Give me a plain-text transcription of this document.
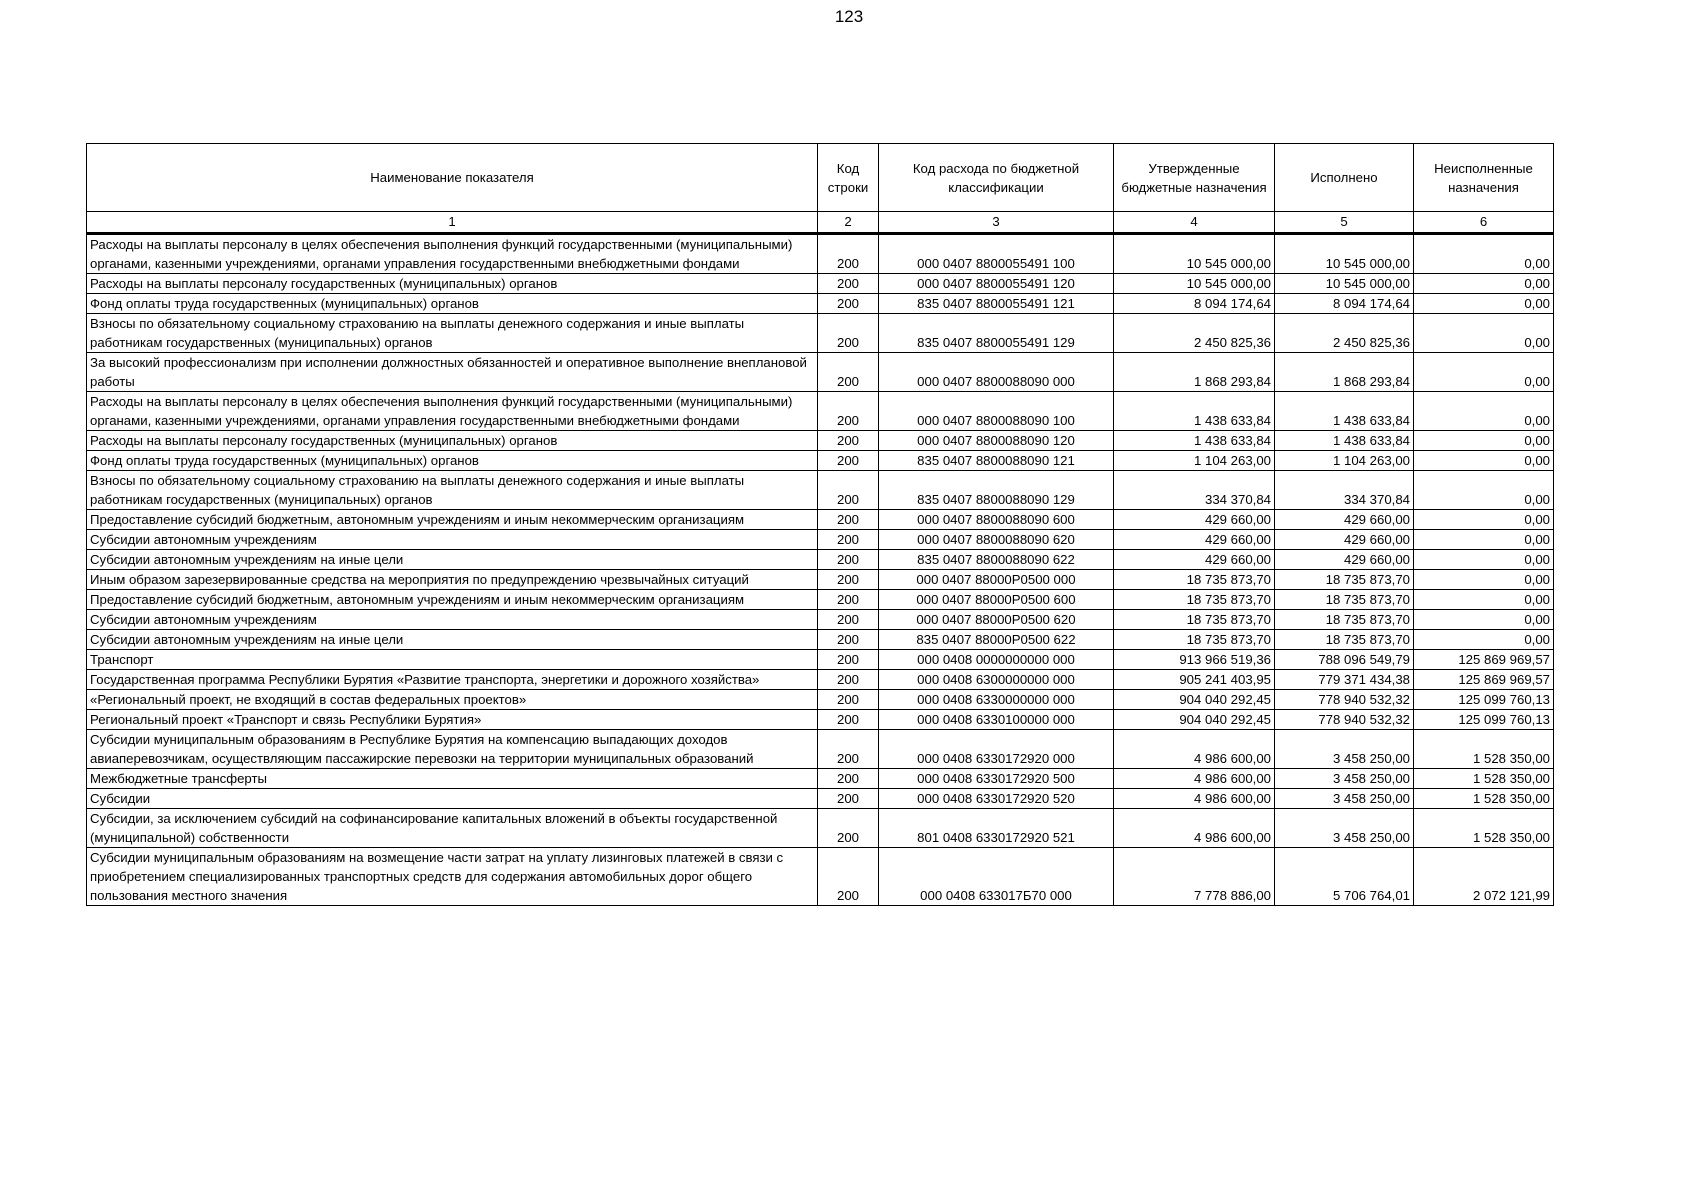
123
Наименование показателя	Код строки	Код расхода по бюджетной классификации	Утвержденные бюджетные назначения	Исполнено	Неисполненные назначения
1	2	3	4	5	6
Расходы на выплаты персоналу в целях обеспечения выполнения функций государственными (муниципальными) органами, казенными учреждениями, органами управления государственными внебюджетными фондами	200	000 0407 8800055491 100	10 545 000,00	10 545 000,00	0,00
Расходы на выплаты персоналу государственных (муниципальных) органов	200	000 0407 8800055491 120	10 545 000,00	10 545 000,00	0,00
Фонд оплаты труда государственных (муниципальных) органов	200	835 0407 8800055491 121	8 094 174,64	8 094 174,64	0,00
Взносы по обязательному социальному страхованию на выплаты денежного содержания и иные выплаты работникам государственных (муниципальных) органов	200	835 0407 8800055491 129	2 450 825,36	2 450 825,36	0,00
За высокий профессионализм при исполнении должностных обязанностей и оперативное выполнение внеплановой работы	200	000 0407 8800088090 000	1 868 293,84	1 868 293,84	0,00
Расходы на выплаты персоналу в целях обеспечения выполнения функций государственными (муниципальными) органами, казенными учреждениями, органами управления государственными внебюджетными фондами	200	000 0407 8800088090 100	1 438 633,84	1 438 633,84	0,00
Расходы на выплаты персоналу государственных (муниципальных) органов	200	000 0407 8800088090 120	1 438 633,84	1 438 633,84	0,00
Фонд оплаты труда государственных (муниципальных) органов	200	835 0407 8800088090 121	1 104 263,00	1 104 263,00	0,00
Взносы по обязательному социальному страхованию на выплаты денежного содержания и иные выплаты работникам государственных (муниципальных) органов	200	835 0407 8800088090 129	334 370,84	334 370,84	0,00
Предоставление субсидий бюджетным, автономным учреждениям и иным некоммерческим организациям	200	000 0407 8800088090 600	429 660,00	429 660,00	0,00
Субсидии автономным учреждениям	200	000 0407 8800088090 620	429 660,00	429 660,00	0,00
Субсидии автономным учреждениям на иные цели	200	835 0407 8800088090 622	429 660,00	429 660,00	0,00
Иным образом зарезервированные средства на мероприятия по предупреждению чрезвычайных ситуаций	200	000 0407 88000Р0500 000	18 735 873,70	18 735 873,70	0,00
Предоставление субсидий бюджетным, автономным учреждениям и иным некоммерческим организациям	200	000 0407 88000Р0500 600	18 735 873,70	18 735 873,70	0,00
Субсидии автономным учреждениям	200	000 0407 88000Р0500 620	18 735 873,70	18 735 873,70	0,00
Субсидии автономным учреждениям на иные цели	200	835 0407 88000Р0500 622	18 735 873,70	18 735 873,70	0,00
Транспорт	200	000 0408 0000000000 000	913 966 519,36	788 096 549,79	125 869 969,57
Государственная программа Республики Бурятия «Развитие транспорта, энергетики и дорожного хозяйства»	200	000 0408 6300000000 000	905 241 403,95	779 371 434,38	125 869 969,57
«Региональный проект, не входящий в состав федеральных проектов»	200	000 0408 6330000000 000	904 040 292,45	778 940 532,32	125 099 760,13
Региональный проект «Транспорт и связь Республики Бурятия»	200	000 0408 6330100000 000	904 040 292,45	778 940 532,32	125 099 760,13
Субсидии муниципальным образованиям в Республике Бурятия на компенсацию выпадающих доходов авиаперевозчикам, осуществляющим пассажирские перевозки на территории муниципальных образований	200	000 0408 6330172920 000	4 986 600,00	3 458 250,00	1 528 350,00
Межбюджетные трансферты	200	000 0408 6330172920 500	4 986 600,00	3 458 250,00	1 528 350,00
Субсидии	200	000 0408 6330172920 520	4 986 600,00	3 458 250,00	1 528 350,00
Субсидии, за исключением субсидий на софинансирование капитальных вложений в объекты государственной (муниципальной) собственности	200	801 0408 6330172920 521	4 986 600,00	3 458 250,00	1 528 350,00
Субсидии муниципальным образованиям на возмещение части затрат на уплату лизинговых платежей в связи с приобретением специализированных транспортных средств для содержания автомобильных дорог общего пользования местного значения	200	000 0408 633017Б70 000	7 778 886,00	5 706 764,01	2 072 121,99
